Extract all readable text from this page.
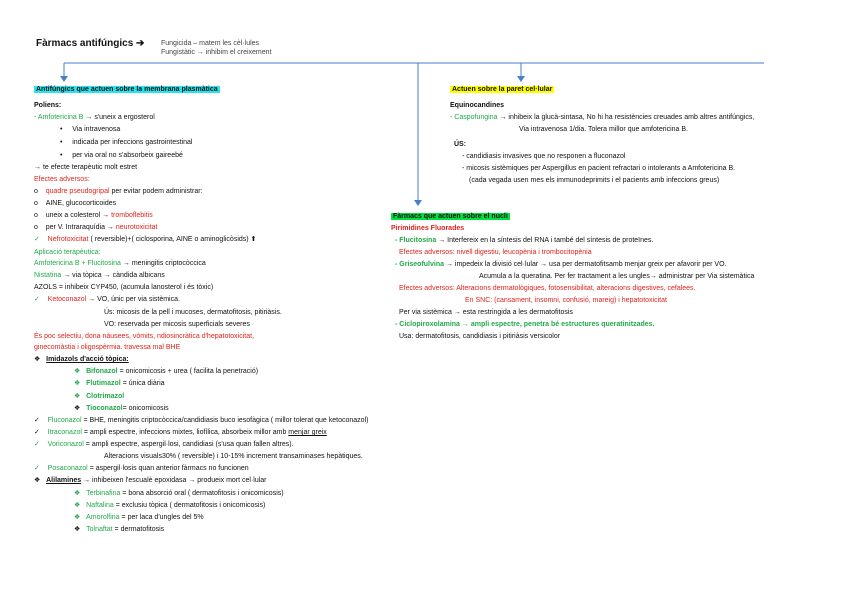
Fàrmacs antifúngics ➔ Fungicida – matem les cèl·lules
Fungistàtic → inhibim el creixement
Antifúngics que actuen sobre la membrana plasmàtica
Poliens:
- Amfotericina B → s'uneix a ergosterol
•     Via intravenosa
•     indicada per infeccions gastrointestinal
•     per via oral no s'absorbeix gaireebé
→ te efecte terapèutic molt estret
Efectes adversos:
o quadre pseudogripal per evitar podem administrar:
o AINE, glucocorticoides
o uneix a colesterol → tromboflebitis
o per V. Intraraquídia → neurotoxicitat
✓ Nefrotoxicitat ( reversible)+( ciclosporina, AINE o aminoglicòsids) ⬆
Aplicació terapèutica:
Amfotericina B + Flucitosina → meningitis criptocòccica
Nistatina → via tòpica → càndida albicans
AZOLS = inhibeix CYP450, (acumula lanosterol i és tòxic)
✓ Ketoconazol → VO, únic per via sistèmica.
Ús: micosis de la pell i mucoses, dermatofitosis, pitiriàsis.
VO: reservada per micosis superficials severes
És poc selectiu, dona nàusees, vòmits, ndiosincràtica d'hepatotoxicitat,
ginecomàstia i oligospèrmia. travessa mal BHE
❖ Imidazols d'acció tòpica:
❖ Bifonazol = onicomicosis + urea ( facilita la penetració)
❖ Flutimazol = única diària
❖ Clotrimazol
❖ Tioconazol= onicomicosis
✓ Fluconazol = BHE, meningitis criptocòccica/candidiasis buco iesofàgica ( millor tolerat que ketoconazol)
✓ Itraconazol = ampli espectre, infeccions mixtes, liofílica, absorbeix millor amb menjar greix
✓ Voriconazol = ampli espectre, aspergil·losi, candidiasi (s'usa quan fallen altres).
Alteracions visuals30% ( reversible) i 10-15% increment transaminases hepàtiques.
✓ Posaconazol = aspergil·losis quan anterior fàrmacs no funcionen
❖ Alilamines → inhibeixen l'escualè epoxidasa → produeix mort cel·lular
❖ Terbinafina = bona absorció oral ( dermatofitosis i onicomicosis)
❖ Naftalina = exclusiu tòpica ( dermatofitosis i onicomicosis)
❖ Amorolfina = per laca d'ungles del 5%
❖ Tolnaftat = dermatofitosis
Actuen sobre la paret cel·lular
Equinocandines
- Caspofungina → inhibeix la glucà-sintasa, No hi ha resistències creuades amb altres antifúngics,
Via intravenosa 1/dia. Tolera millor que amfotericina B.
ÚS:
- candidiasis invasives que no responen a fluconazol
- micosis sistèmiques per Aspergillus en pacient refractari o intolerants a Amfotericina B.
(cada vegada usen mes els immunodeprimits i el pacients amb infeccions greus)
Fàrmacs que actuen sobre el nucli
Pirimidines Fluorades
- Flucitosina → Interfereix en la síntesis del RNA i també del síntesis de proteïnes.
Efectes adversos: nivell digestiu, leucopènia i trombocitopènia
- Griseofulvina → impedeix la divisió cel·lular → usa per dermatofitsamb menjar greix per afavorir per VO.
Acumula a la queratina. Per fer tractament a les ungles→ administrar per Via sistemàtica
Efectes adversos: Alteracions dermatològiques, fotosensibilitat, alteracions digestives, cefalees.
En SNC: (cansament, insomni, confusió, mareig) i hepatotoxicitat
Per via sistèmica → esta restringida a les dermatofitosis
- Ciclopiroxolamina → ampli espectre, penetra bé estructures queratinitzades.
Usa: dermatofitosis, candidiasis i pitiriàsis versicolor
